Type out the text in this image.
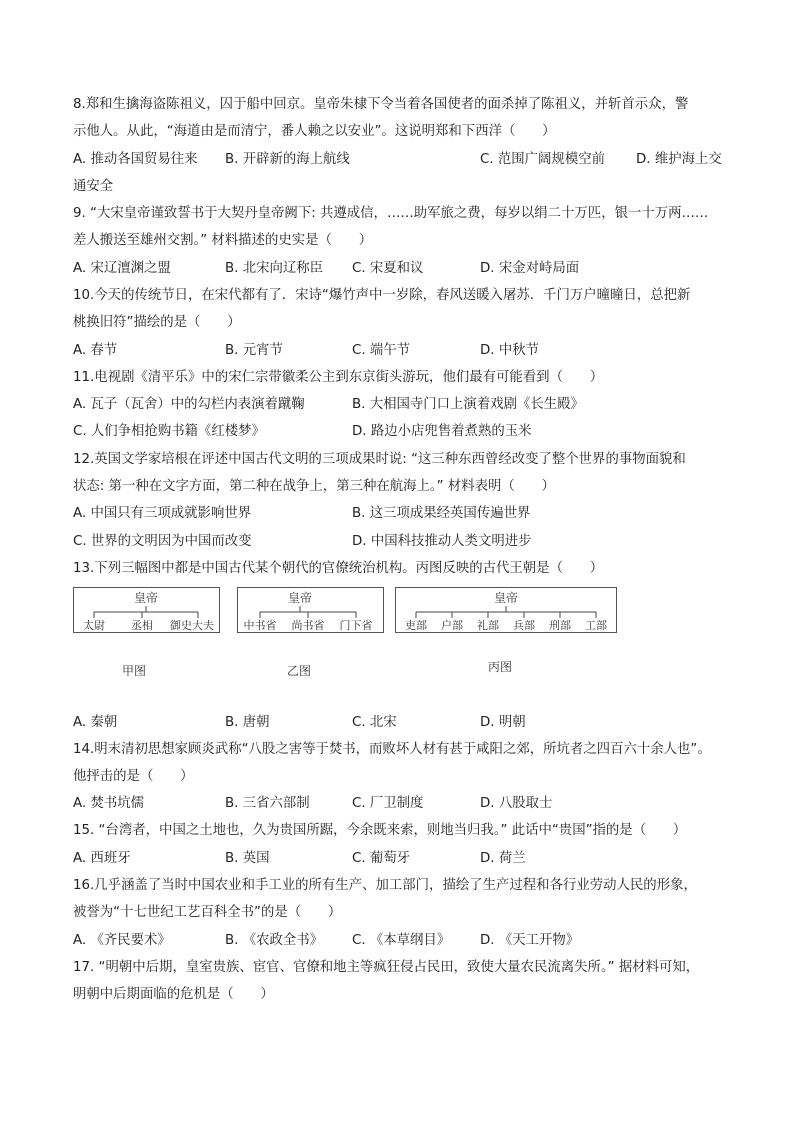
8.郑和生擒海盗陈祖义，囚于船中回京。皇帝朱棣下令当着各国使者的面杀掉了陈祖义，并斩首示众，警
示他人。从此，“海道由是而清宁，番人赖之以安业”。这说明郑和下西洋（　　）
A. 推动各国贸易往来 B. 开辟新的海上航线	C. 范围广阔规模空前 D. 维护海上交
通安全
9. “大宋皇帝谨致誓书于大契丹皇帝阙下: 共遵成信，……助军旅之费，每岁以绢二十万匹，银一十万两……
差人搬送至雄州交割。” 材料描述的史实是（　　）
A. 宋辽澶渊之盟	B. 北宋向辽称臣 C. 宋夏和议	D. 宋金对峙局面
10.今天的传统节日，在宋代都有了．宋诗“爆竹声中一岁除，春风送暖入屠苏．千门万户曈曈日，总把新
桃换旧符”描绘的是（　　）
A. 春节	B. 元宵节	C. 端午节	D. 中秋节
11.电视剧《清平乐》中的宋仁宗带徽柔公主到东京街头游玩，他们最有可能看到（　　）
A. 瓦子（瓦舍）中的勾栏内表演着蹴鞠	B. 大相国寺门口上演着戏剧《长生殿》
C. 人们争相抢购书籍《红楼梦》	D. 路边小店兜售着煮熟的玉米
12.英国文学家培根在评述中国古代文明的三项成果时说: “这三种东西曾经改变了整个世界的事物面貌和
状态: 第一种在文字方面，第二种在战争上，第三种在航海上。” 材料表明（　　）
A. 中国只有三项成就影响世界	B. 这三项成果经英国传遍世界
C. 世界的文明因为中国而改变	D. 中国科技推动人类文明进步
13.下列三幅图中都是中国古代某个朝代的官僚统治机构。丙图反映的古代王朝是（　　）
皇帝
太尉 丞相 御史大夫
甲图
皇帝
中书省 尚书省 门下省
乙图
皇帝
吏部 户部 礼部 兵部 刑部 工部
丙图
A. 秦朝	B. 唐朝	C. 北宋	D. 明朝
14.明末清初思想家顾炎武称“八股之害等于焚书，而败坏人材有甚于咸阳之郊，所坑者之四百六十余人也”。
他抨击的是（　　）
A. 焚书坑儒	B. 三省六部制	C. 厂卫制度	D. 八股取士
15. “台湾者，中国之土地也，久为贵国所踞，今余既来索，则地当归我。” 此话中“贵国”指的是（　　）
A. 西班牙	B. 英国	C. 葡萄牙	D. 荷兰
16.几乎涵盖了当时中国农业和手工业的所有生产、加工部门，描绘了生产过程和各行业劳动人民的形象，
被誉为“十七世纪工艺百科全书”的是（　　）
A. 《齐民要术》	B. 《农政全书》 C. 《本草纲目》 D. 《天工开物》
17. “明朝中后期，皇室贵族、宦官、官僚和地主等疯狂侵占民田，致使大量农民流离失所。” 据材料可知，
明朝中后期面临的危机是（　　）
